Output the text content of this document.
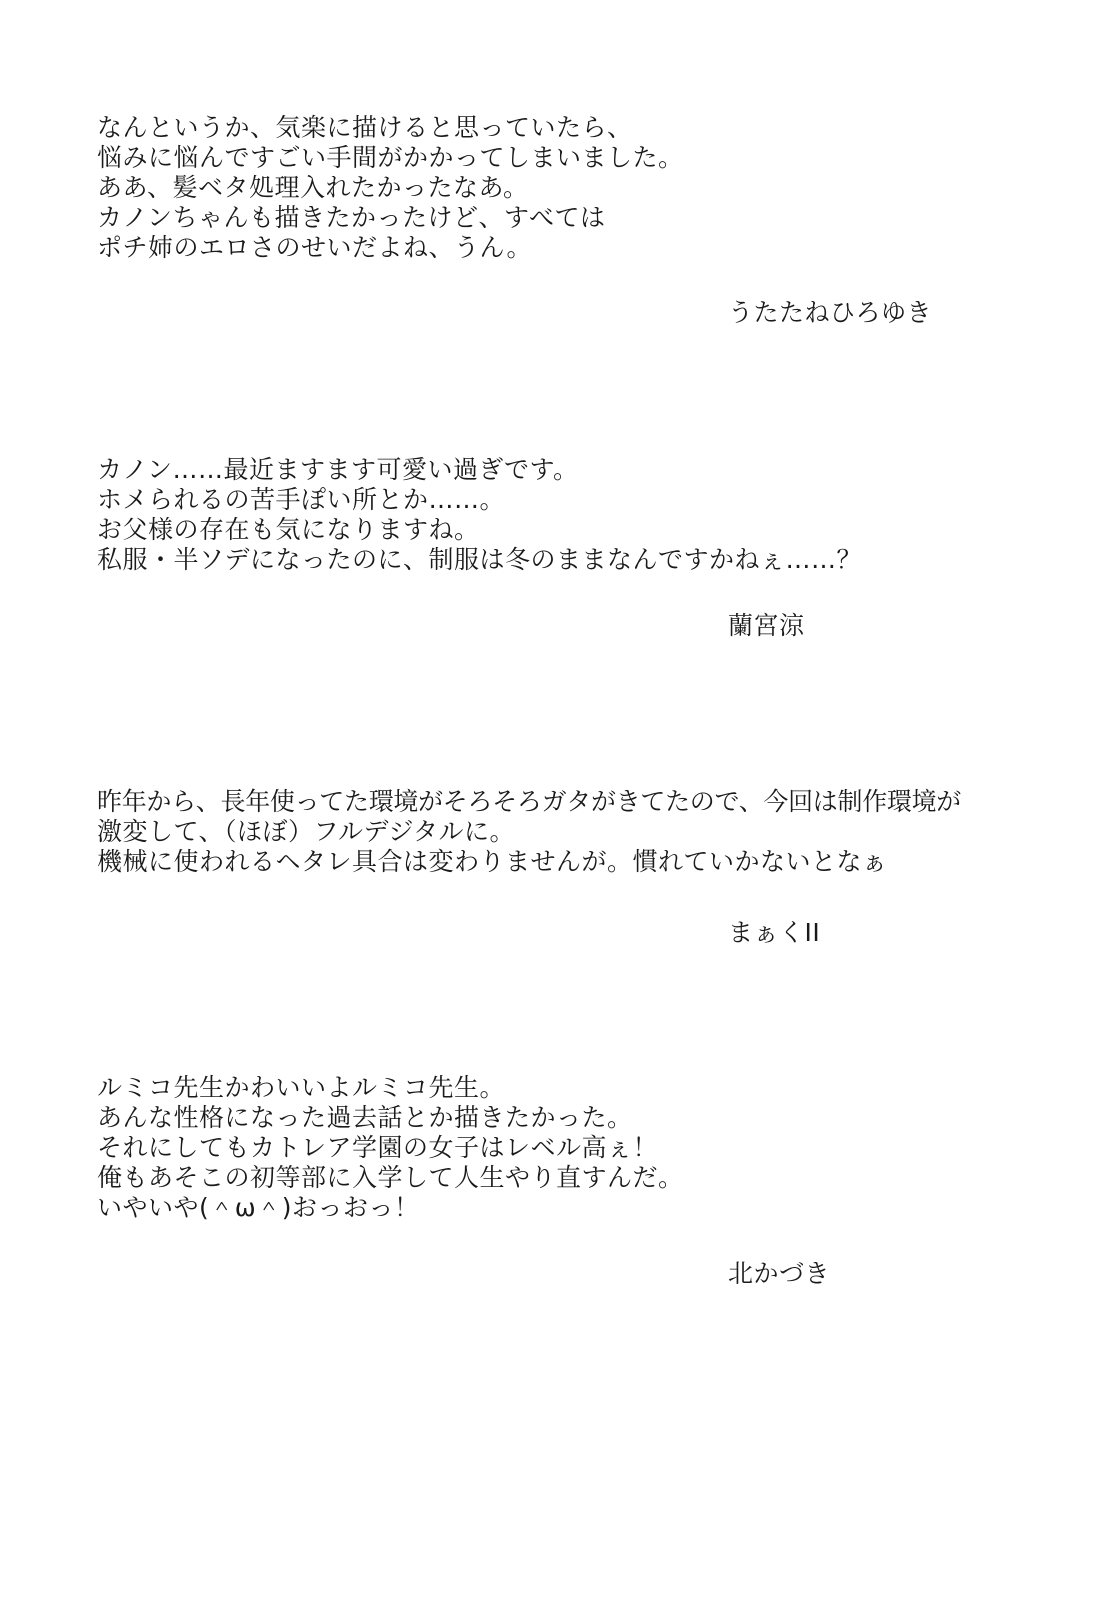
なんというか、気楽に描けると思っていたら、
悩みに悩んですごい手間がかかってしまいました。
ああ、髪ベタ処理入れたかったなあ。
カノンちゃんも描きたかったけど、すべては
ポチ姉のエロさのせいだよね、うん。
うたたねひろゆき
カノン……最近ますます可愛い過ぎです。
ホメられるの苦手ぽい所とか……。
お父様の存在も気になりますね。
私服・半ソデになったのに、制服は冬のままなんですかねぇ……？
蘭宮涼
昨年から、長年使ってた環境がそろそろガタがきてたので、今回は制作環境が
激変して、（ほぼ）フルデジタルに。
機械に使われるヘタレ具合は変わりませんが。慣れていかないとなぁ
まぁくII
ルミコ先生かわいいよルミコ先生。
あんな性格になった過去話とか描きたかった。
それにしてもカトレア学園の女子はレベル高ぇ！
俺もあそこの初等部に入学して人生やり直すんだ。
いやいや(＾ω＾)おっおっ！
北かづき
